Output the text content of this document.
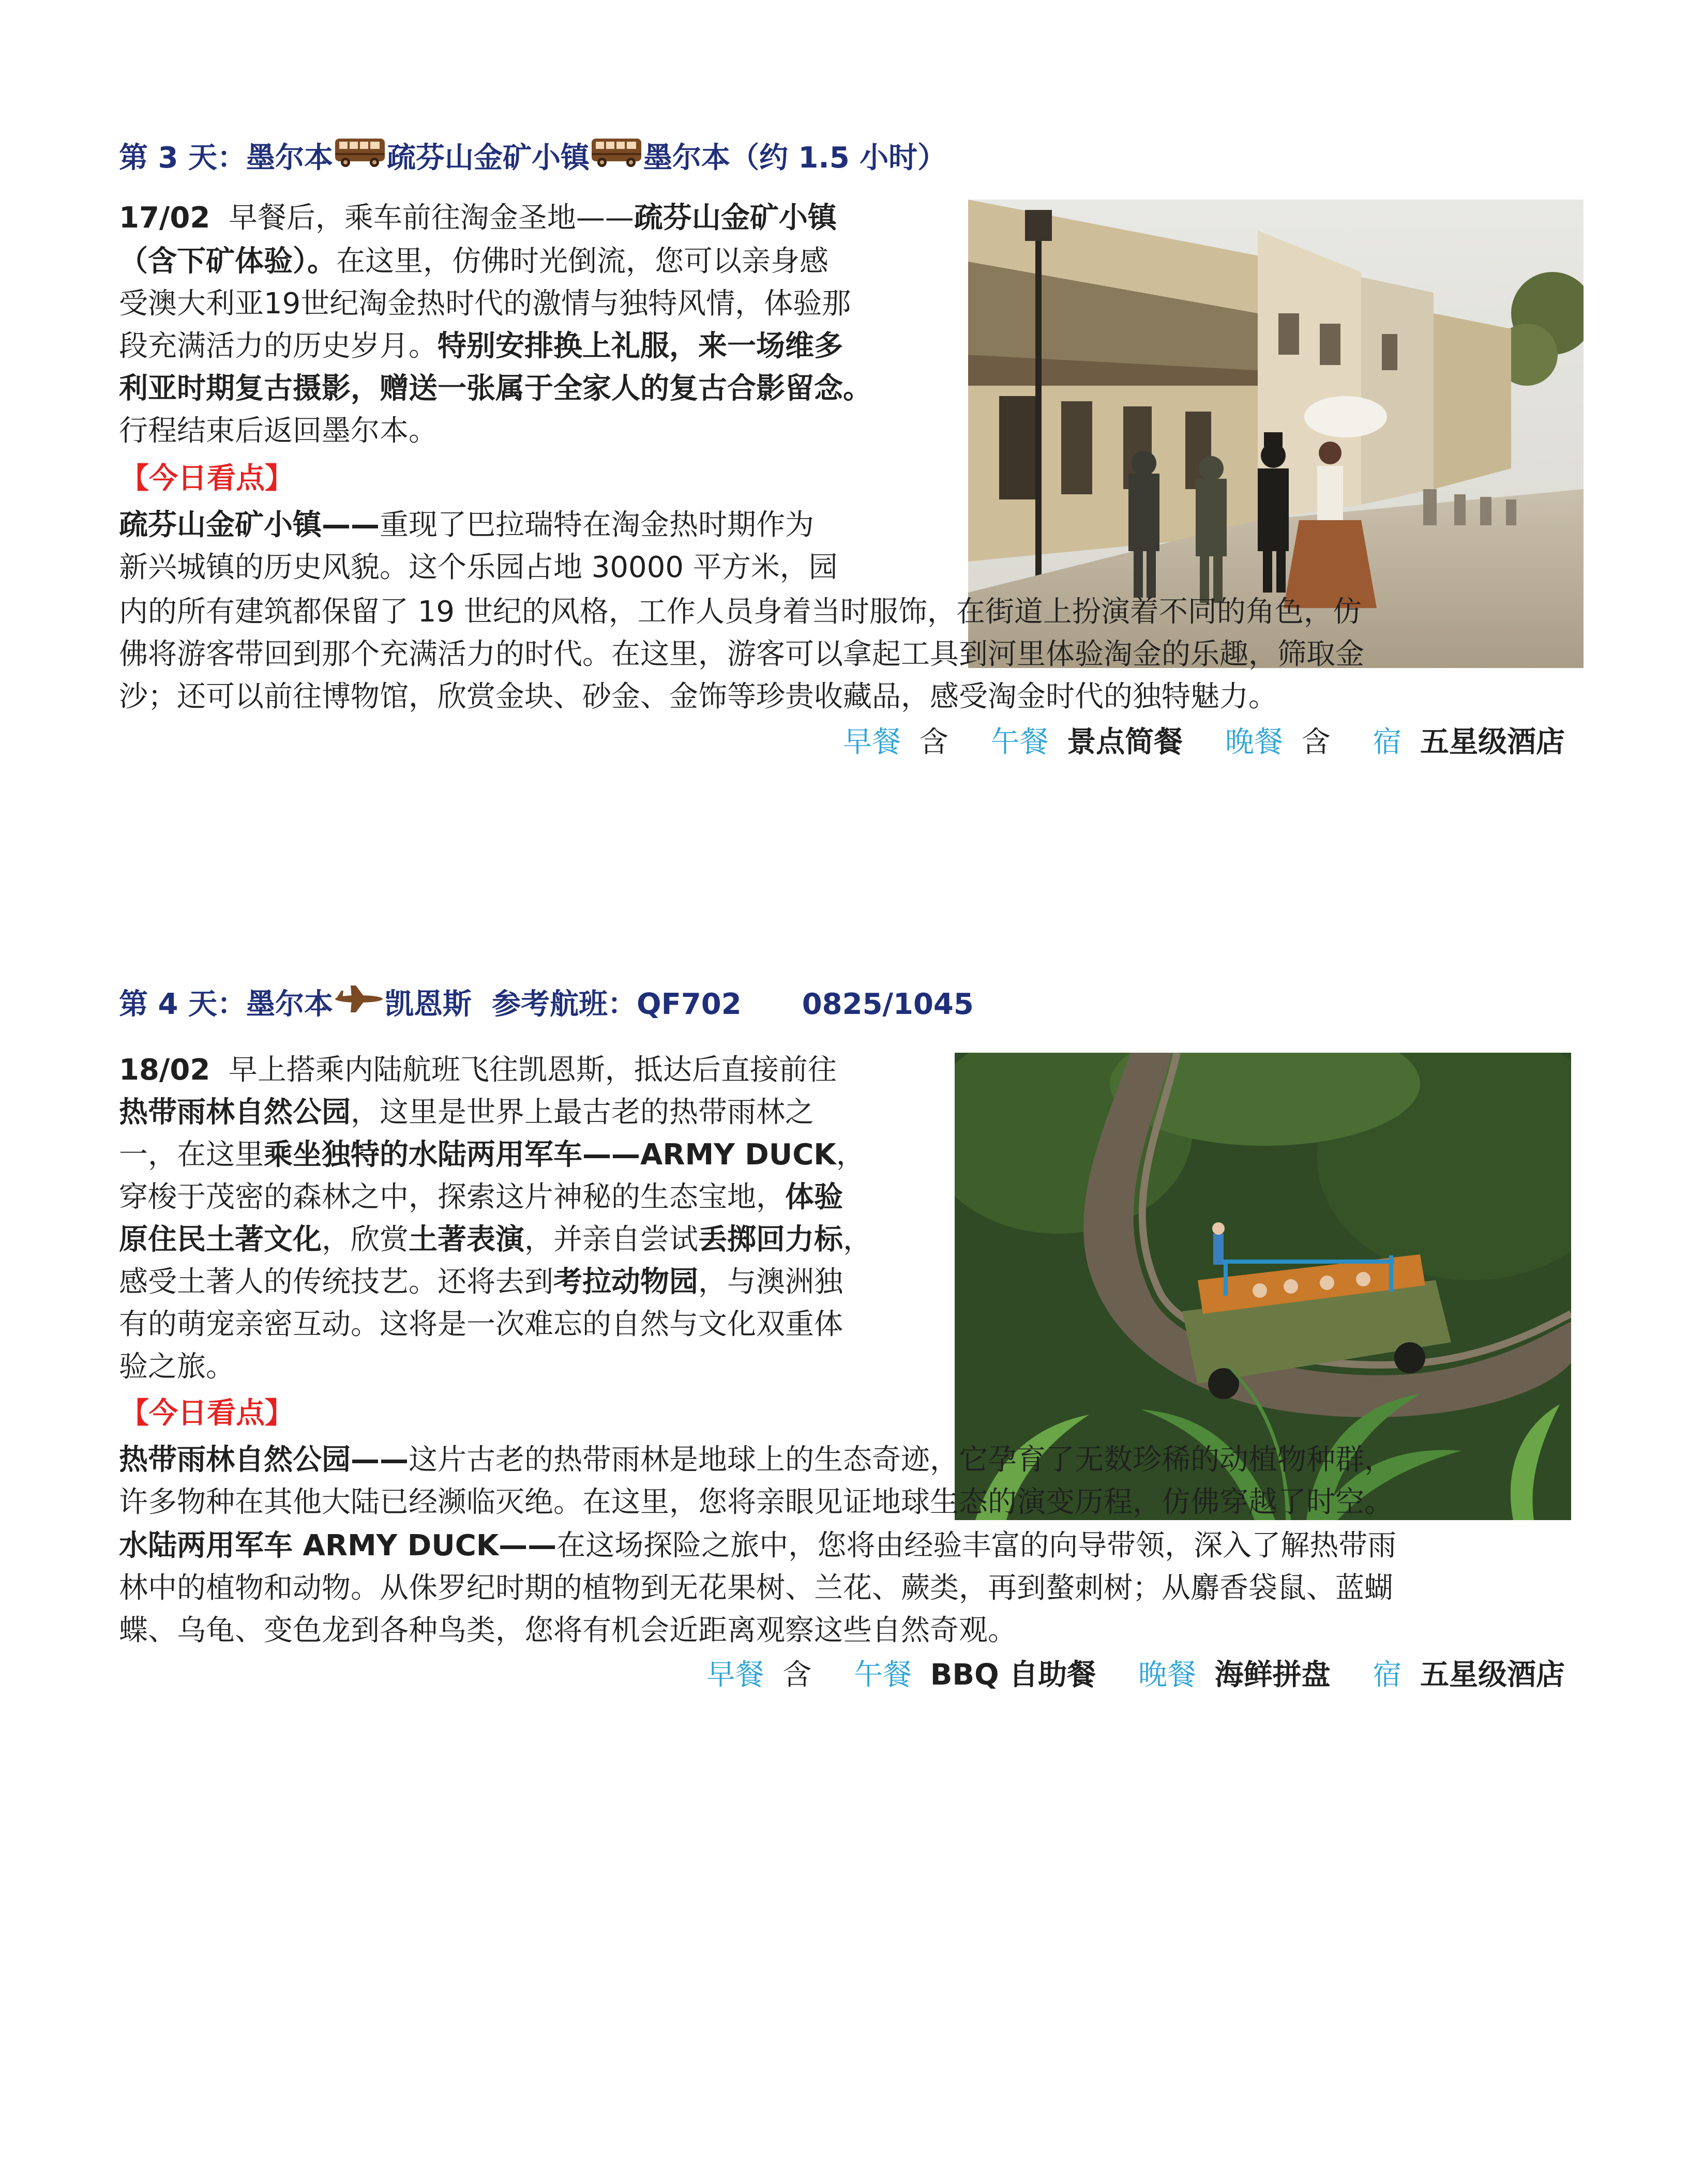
第 3 天：墨尔本 疏芬山金矿小镇 墨尔本（约 1.5 小时）
17/02 早餐后，乘车前往淘金圣地——疏芬山金矿小镇
（含下矿体验）。在这里，仿佛时光倒流，您可以亲身感
受澳大利亚19世纪淘金热时代的激情与独特风情，体验那
段充满活力的历史岁月。特别安排换上礼服，来一场维多
利亚时期复古摄影，赠送一张属于全家人的复古合影留念。
行程结束后返回墨尔本。
【今日看点】
疏芬山金矿小镇——重现了巴拉瑞特在淘金热时期作为
新兴城镇的历史风貌。这个乐园占地 30000 平方米，园
内的所有建筑都保留了 19 世纪的风格，工作人员身着当时服饰，在街道上扮演着不同的角色，仿
佛将游客带回到那个充满活力的时代。在这里，游客可以拿起工具到河里体验淘金的乐趣，筛取金
沙；还可以前往博物馆，欣赏金块、砂金、金饰等珍贵收藏品，感受淘金时代的独特魅力。
早餐 含 午餐 景点简餐 晚餐 含 宿 五星级酒店
第 4 天：墨尔本 凯恩斯  参考航班：QF702      0825/1045
18/02 早上搭乘内陆航班飞往凯恩斯，抵达后直接前往
热带雨林自然公园，这里是世界上最古老的热带雨林之
一，在这里乘坐独特的水陆两用军车——ARMY DUCK，
穿梭于茂密的森林之中，探索这片神秘的生态宝地，体验
原住民土著文化，欣赏土著表演，并亲自尝试丢掷回力标，
感受土著人的传统技艺。还将去到考拉动物园，与澳洲独
有的萌宠亲密互动。这将是一次难忘的自然与文化双重体
验之旅。
【今日看点】
热带雨林自然公园——这片古老的热带雨林是地球上的生态奇迹，它孕育了无数珍稀的动植物种群，
许多物种在其他大陆已经濒临灭绝。在这里，您将亲眼见证地球生态的演变历程，仿佛穿越了时空。
水陆两用军车 ARMY DUCK——在这场探险之旅中，您将由经验丰富的向导带领，深入了解热带雨
林中的植物和动物。从侏罗纪时期的植物到无花果树、兰花、蕨类，再到螯刺树；从麝香袋鼠、蓝蝴
蝶、乌龟、变色龙到各种鸟类，您将有机会近距离观察这些自然奇观。
早餐 含 午餐 BBQ 自助餐 晚餐 海鲜拼盘 宿 五星级酒店
